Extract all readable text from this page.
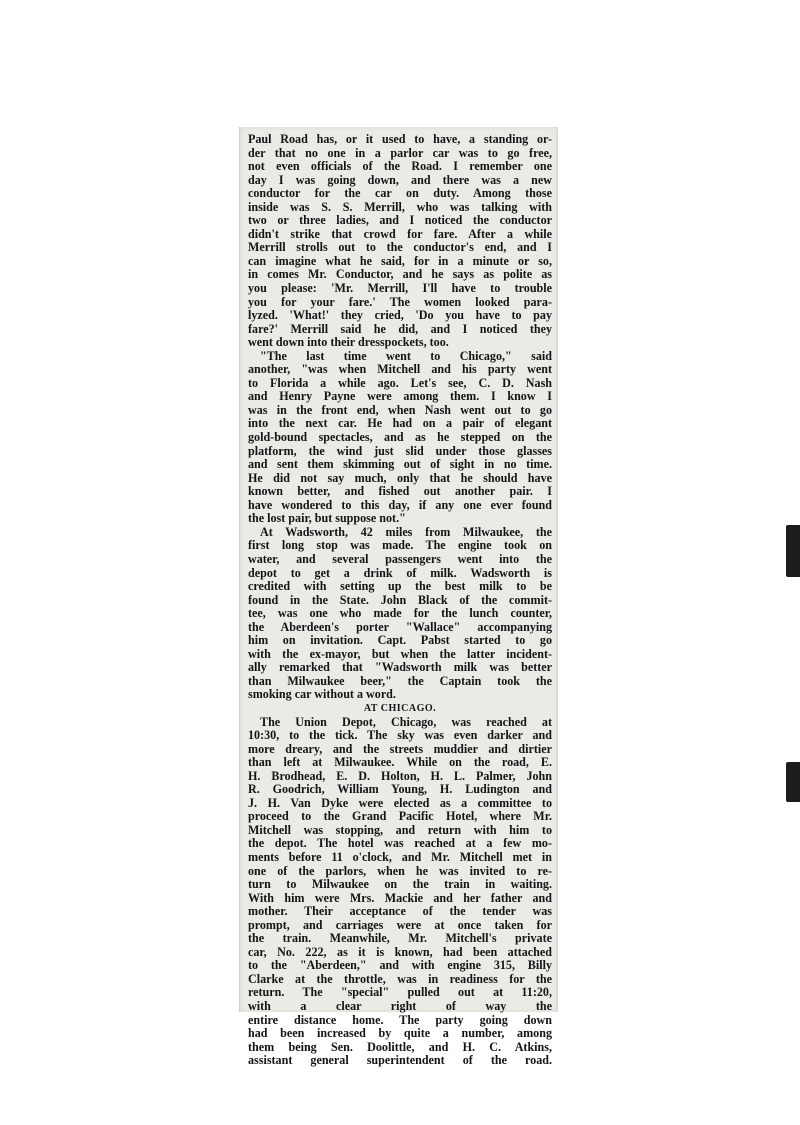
Paul Road has, or it used to have, a standing or-

der that no one in a parlor car was to go free,

not even officials of the Road. I remember one

day I was going down, and there was a new

conductor for the car on duty. Among those

inside was S. S. Merrill, who was talking with

two or three ladies, and I noticed the conductor

didn't strike that crowd for fare. After a while

Merrill strolls out to the conductor's end, and I

can imagine what he said, for in a minute or so,

in comes Mr. Conductor, and he says as polite as

you please: 'Mr. Merrill, I'll have to trouble

you for your fare.' The women looked para-

lyzed. 'What!' they cried, 'Do you have to pay

fare?' Merrill said he did, and I noticed they

went down into their dresspockets, too.

"The last time went to Chicago," said

another, "was when Mitchell and his party went

to Florida a while ago. Let's see, C. D. Nash

and Henry Payne were among them. I know I

was in the front end, when Nash went out to go

into the next car. He had on a pair of elegant

gold-bound spectacles, and as he stepped on the

platform, the wind just slid under those glasses

and sent them skimming out of sight in no time.

He did not say much, only that he should have

known better, and fished out another pair. I

have wondered to this day, if any one ever found

the lost pair, but suppose not."

At Wadsworth, 42 miles from Milwaukee, the

first long stop was made. The engine took on

water, and several passengers went into the

depot to get a drink of milk. Wadsworth is

credited with setting up the best milk to be

found in the State. John Black of the commit-

tee, was one who made for the lunch counter,

the Aberdeen's porter "Wallace" accompanying

him on invitation. Capt. Pabst started to go

with the ex-mayor, but when the latter incident-

ally remarked that "Wadsworth milk was better

than Milwaukee beer," the Captain took the

smoking car without a word.

AT CHICAGO.

The Union Depot, Chicago, was reached at

10:30, to the tick. The sky was even darker and

more dreary, and the streets muddier and dirtier

than left at Milwaukee. While on the road, E.

H. Brodhead, E. D. Holton, H. L. Palmer, John

R. Goodrich, William Young, H. Ludington and

J. H. Van Dyke were elected as a committee to

proceed to the Grand Pacific Hotel, where Mr.

Mitchell was stopping, and return with him to

the depot. The hotel was reached at a few mo-

ments before 11 o'clock, and Mr. Mitchell met in

one of the parlors, when he was invited to re-

turn to Milwaukee on the train in waiting.

With him were Mrs. Mackie and her father and

mother. Their acceptance of the tender was

prompt, and carriages were at once taken for

the train. Meanwhile, Mr. Mitchell's private

car, No. 222, as it is known, had been attached

to the "Aberdeen," and with engine 315, Billy

Clarke at the throttle, was in readiness for the

return. The "special" pulled out at 11:20,

with a clear right of way the

entire distance home. The party going down

had been increased by quite a number, among

them being Sen. Doolittle, and H. C. Atkins,

assistant general superintendent of the road.
